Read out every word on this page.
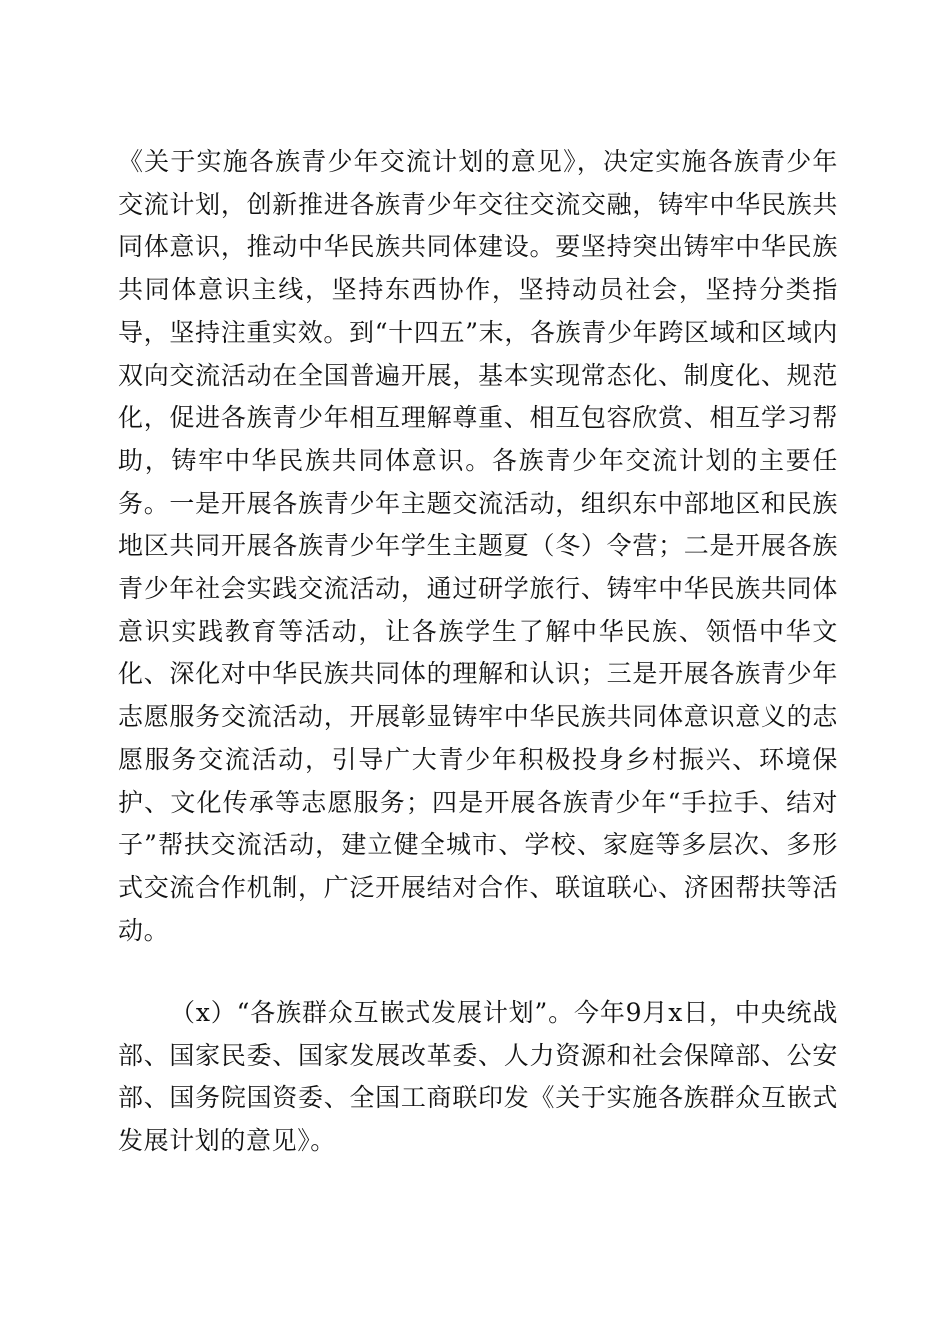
《关于实施各族青少年交流计划的意见》，决定实施各族青少年交流计划，创新推进各族青少年交往交流交融，铸牢中华民族共同体意识，推动中华民族共同体建设。要坚持突出铸牢中华民族共同体意识主线，坚持东西协作，坚持动员社会，坚持分类指导，坚持注重实效。到“十四五”末，各族青少年跨区域和区域内双向交流活动在全国普遍开展，基本实现常态化、制度化、规范化，促进各族青少年相互理解尊重、相互包容欣赏、相互学习帮助，铸牢中华民族共同体意识。各族青少年交流计划的主要任务。一是开展各族青少年主题交流活动，组织东中部地区和民族地区共同开展各族青少年学生主题夏（冬）令营；二是开展各族青少年社会实践交流活动，通过研学旅行、铸牢中华民族共同体意识实践教育等活动，让各族学生了解中华民族、领悟中华文化、深化对中华民族共同体的理解和认识；三是开展各族青少年志愿服务交流活动，开展彰显铸牢中华民族共同体意识意义的志愿服务交流活动，引导广大青少年积极投身乡村振兴、环境保护、文化传承等志愿服务；四是开展各族青少年“手拉手、结对子”帮扶交流活动，建立健全城市、学校、家庭等多层次、多形式交流合作机制，广泛开展结对合作、联谊联心、济困帮扶等活动。

（x）“各族群众互嵌式发展计划”。今年9月x日，中央统战部、国家民委、国家发展改革委、人力资源和社会保障部、公安部、国务院国资委、全国工商联印发《关于实施各族群众互嵌式发展计划的意见》。
